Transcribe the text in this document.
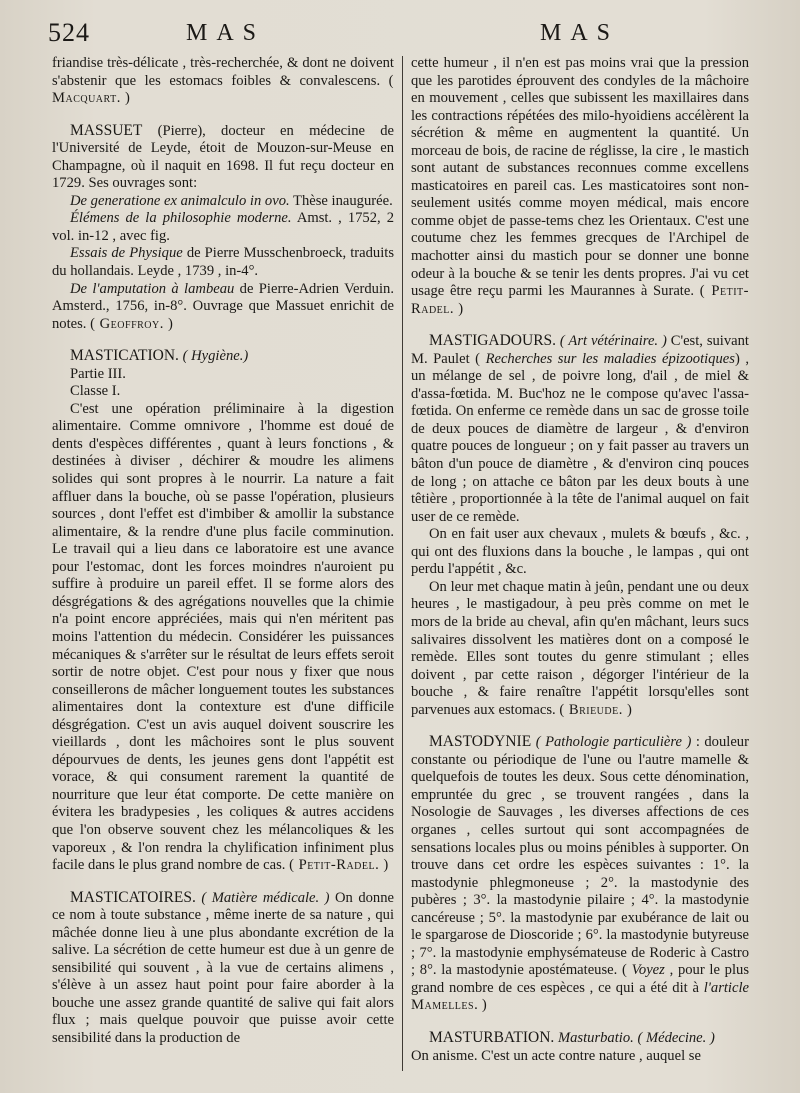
524	MAS	MAS

friandise très-délicate , très-recherchée, & dont ne doivent s'abstenir que les estomacs foibles & convalescens. ( Macquart. )

MASSUET (Pierre), docteur en médecine de l'Université de Leyde, étoit de Mouzon-sur-Meuse en Champagne, où il naquit en 1698. Il fut reçu docteur en 1729. Ses ouvrages sont:

De generatione ex animalculo in ovo. Thèse inaugurée.

Élémens de la philosophie moderne. Amst. , 1752, 2 vol. in-12 , avec fig.

Essais de Physique de Pierre Musschenbroeck, traduits du hollandais. Leyde , 1739 , in-4°.

De l'amputation à lambeau de Pierre-Adrien Verduin. Amsterd., 1756, in-8°. Ouvrage que Massuet enrichit de notes. ( Geoffroy. )

MASTICATION. ( Hygiène.)

Partie III.

Classe I.

C'est une opération préliminaire à la digestion alimentaire. Comme omnivore , l'homme est doué de dents d'espèces différentes , quant à leurs fonctions , & destinées à diviser , déchirer & moudre les alimens solides qui sont propres à le nourrir. La nature a fait affluer dans la bouche, où se passe l'opération, plusieurs sources , dont l'effet est d'imbiber & amollir la substance alimentaire, & la rendre d'une plus facile comminution. Le travail qui a lieu dans ce laboratoire est une avance pour l'estomac, dont les forces moindres n'auroient pu suffire à produire un pareil effet. Il se forme alors des désgrégations & des agrégations nouvelles que la chimie n'a point encore appréciées, mais qui n'en méritent pas moins l'attention du médecin. Considérer les puissances mécaniques & s'arrêter sur le résultat de leurs effets seroit sortir de notre objet. C'est pour nous y fixer que nous conseillerons de mâcher longuement toutes les substances alimentaires dont la contexture est d'une difficile désgrégation. C'est un avis auquel doivent souscrire les vieillards , dont les mâchoires sont le plus souvent dépourvues de dents, les jeunes gens dont l'appétit est vorace, & qui consument rarement la quantité de nourriture que leur état comporte. De cette manière on évitera les bradypesies , les coliques & autres accidens que l'on observe souvent chez les mélancoliques & les vaporeux , & l'on rendra la chylification infiniment plus facile dans le plus grand nombre de cas. ( Petit-Radel. )

MASTICATOIRES. ( Matière médicale. ) On donne ce nom à toute substance , même inerte de sa nature , qui mâchée donne lieu à une plus abondante excrétion de la salive. La sécrétion de cette humeur est due à un genre de sensibilité qui souvent , à la vue de certains alimens , s'élève à un assez haut point pour faire aborder à la bouche une assez grande quantité de salive qui fait alors flux ; mais quelque pouvoir que puisse avoir cette sensibilité dans la production de

cette humeur , il n'en est pas moins vrai que la pression que les parotides éprouvent des condyles de la mâchoire en mouvement , celles que subissent les maxillaires dans les contractions répétées des milo-hyoidiens accélèrent la sécrétion & même en augmentent la quantité. Un morceau de bois, de racine de réglisse, la cire , le mastich sont autant de substances reconnues comme excellens masticatoires en pareil cas. Les masticatoires sont non-seulement usités comme moyen médical, mais encore comme objet de passe-tems chez les Orientaux. C'est une coutume chez les femmes grecques de l'Archipel de machotter ainsi du mastich pour se donner une bonne odeur à la bouche & se tenir les dents propres. J'ai vu cet usage être reçu parmi les Maurannes à Surate. ( Petit-Radel. )

MASTIGADOURS. ( Art vétérinaire. ) C'est, suivant M. Paulet ( Recherches sur les maladies épizootiques) , un mélange de sel , de poivre long, d'ail , de miel & d'assa-fœtida. M. Buc'hoz ne le compose qu'avec l'assa-fœtida. On enferme ce remède dans un sac de grosse toile de deux pouces de diamètre de largeur , & d'environ quatre pouces de longueur ; on y fait passer au travers un bâton d'un pouce de diamètre , & d'environ cinq pouces de long ; on attache ce bâton par les deux bouts à une têtière , proportionnée à la tête de l'animal auquel on fait user de ce remède.

On en fait user aux chevaux , mulets & bœufs , &c. , qui ont des fluxions dans la bouche , le lampas , qui ont perdu l'appétit , &c.

On leur met chaque matin à jeûn, pendant une ou deux heures , le mastigadour, à peu près comme on met le mors de la bride au cheval, afin qu'en mâchant, leurs sucs salivaires dissolvent les matières dont on a composé le remède. Elles sont toutes du genre stimulant ; elles doivent , par cette raison , dégorger l'intérieur de la bouche , & faire renaître l'appétit lorsqu'elles sont parvenues aux estomacs. ( Brieude. )

MASTODYNIE ( Pathologie particulière ) : douleur constante ou périodique de l'une ou l'autre mamelle & quelquefois de toutes les deux. Sous cette dénomination, empruntée du grec , se trouvent rangées , dans la Nosologie de Sauvages , les diverses affections de ces organes , celles surtout qui sont accompagnées de sensations locales plus ou moins pénibles à supporter. On trouve dans cet ordre les espèces suivantes : 1°. la mastodynie phlegmoneuse ; 2°. la mastodynie des pubères ; 3°. la mastodynie pilaire ; 4°. la mastodynie cancéreuse ; 5°. la mastodynie par exubérance de lait ou le spargarose de Dioscoride ; 6°. la mastodynie butyreuse ; 7°. la mastodynie emphysémateuse de Roderic à Castro ; 8°. la mastodynie apostémateuse. ( Voyez , pour le plus grand nombre de ces espèces , ce qui a été dit à l'article Mamelles. )

MASTURBATION. Masturbatio. ( Médecine. )

On anisme. C'est un acte contre nature , auquel se
